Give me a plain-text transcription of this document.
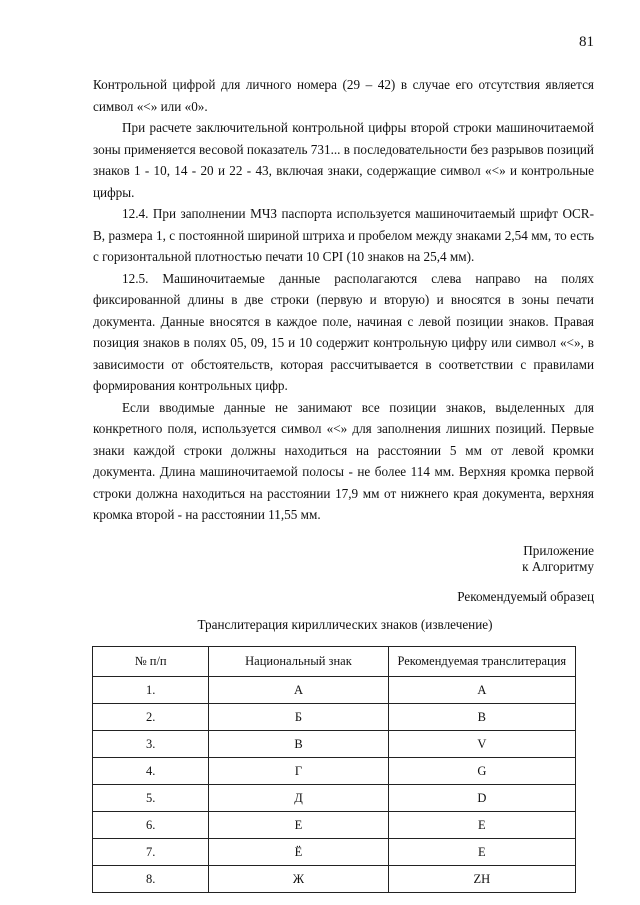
81

Контрольной цифрой для личного номера (29 – 42) в случае его отсутствия является символ «<» или «0».

При расчете заключительной контрольной цифры второй строки машиночитаемой зоны применяется весовой показатель 731... в последовательности без разрывов позиций знаков 1 - 10, 14 - 20 и 22 - 43, включая знаки, содержащие символ «<» и контрольные цифры.

12.4. При заполнении МЧЗ паспорта используется машиночитаемый шрифт OCR-B, размера 1, с постоянной шириной штриха и пробелом между знаками 2,54 мм, то есть с горизонтальной плотностью печати 10 CPI (10 знаков на 25,4 мм).

12.5. Машиночитаемые данные располагаются слева направо на полях фиксированной длины в две строки (первую и вторую) и вносятся в зоны печати документа. Данные вносятся в каждое поле, начиная с левой позиции знаков. Правая позиция знаков в полях 05, 09, 15 и 10 содержит контрольную цифру или символ «<», в зависимости от обстоятельств, которая рассчитывается в соответствии с правилами формирования контрольных цифр.

Если вводимые данные не занимают все позиции знаков, выделенных для конкретного поля, используется символ «<» для заполнения лишних позиций. Первые знаки каждой строки должны находиться на расстоянии 5 мм от левой кромки документа. Длина машиночитаемой полосы - не более 114 мм. Верхняя кромка первой строки должна находиться на расстоянии 17,9 мм от нижнего края документа, верхняя кромка второй - на расстоянии 11,55 мм.

Приложение
к Алгоритму
Рекомендуемый образец
Транслитерация кириллических знаков (извлечение)
№ п/п	Национальный знак	Рекомендуемая транслитерация
1.	А	A
2.	Б	B
3.	В	V
4.	Г	G
5.	Д	D
6.	Е	E
7.	Ё	E
8.	Ж	ZH
